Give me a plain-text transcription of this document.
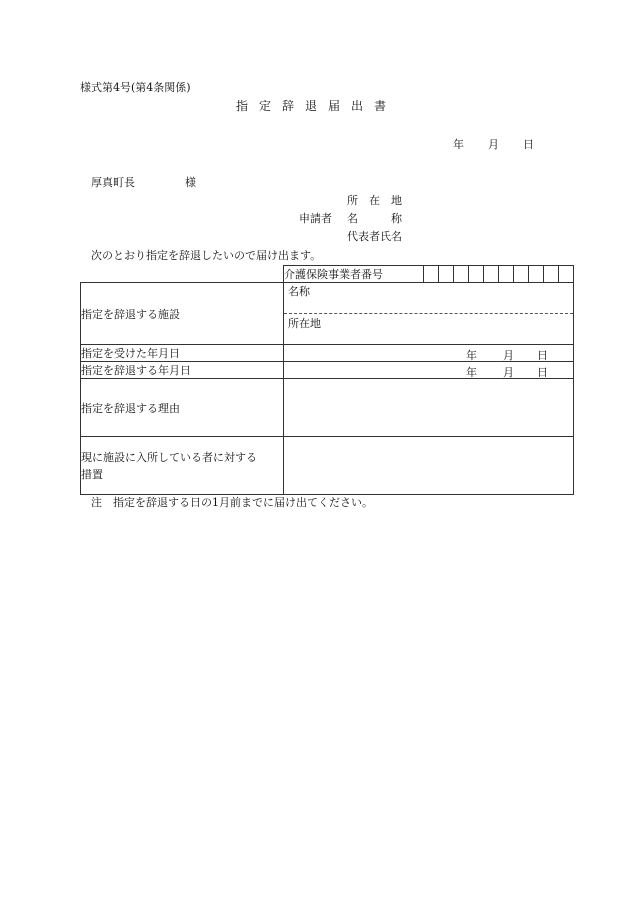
様式第4号(第4条関係)
指定辞退届出書
年 月 日
厚真町長	様
所　在　地
申請者 名　　　称
代表者氏名
次のとおり指定を辞退したいので届け出ます。
	介護保険事業者番号										
指定を辞退する施設	名称
所在地										

指定を受けた年月日	年 月 日										

指定を辞退する年月日	年 月 日										

指定を辞退する理由											

現に施設に入所している者に対する
措置											

注　指定を辞退する日の1月前までに届け出てください。
